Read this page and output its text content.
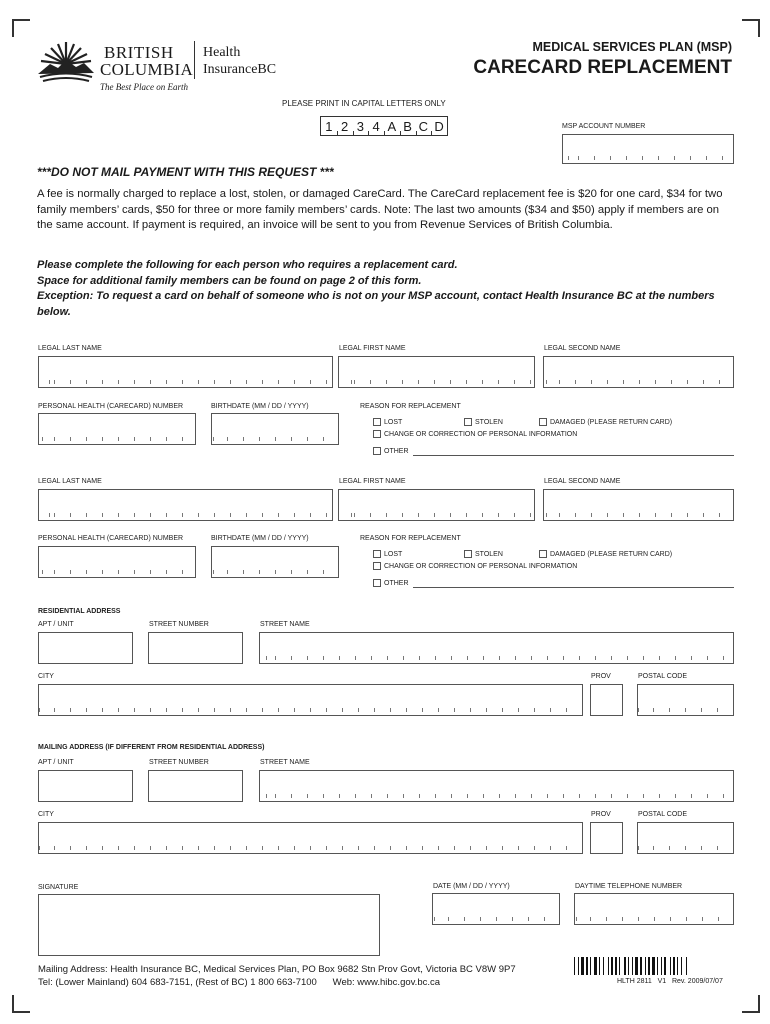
BRITISH
COLUMBIA
Health
InsuranceBC
The Best Place on Earth
MEDICAL SERVICES PLAN (MSP)
CARECARD REPLACEMENT
PLEASE PRINT IN CAPITAL LETTERS ONLY
1 2 3 4 A B C D	MSP ACCOUNT NUMBER
***DO NOT MAIL PAYMENT WITH THIS REQUEST ***
A fee is normally charged to replace a lost, stolen, or damaged CareCard. The CareCard replacement fee is $20 for one card, $34 for two family members’ cards, $50 for three or more family members’ cards. Note: The last two amounts ($34 and $50) apply if members are on the same account. If payment is required, an invoice will be sent to you from Revenue Services of British Columbia.
Please complete the following for each person who requires a replacement card.
Space for additional family members can be found on page 2 of this form.
Exception: To request a card on behalf of someone who is not on your MSP account, contact Health Insurance BC at the numbers below.
LEGAL LAST NAME	LEGAL FIRST NAME	LEGAL SECOND NAME
PERSONAL HEALTH (CARECARD) NUMBER	BIRTHDATE (MM / DD / YYYY)	REASON FOR REPLACEMENT
LOST	STOLEN	DAMAGED (PLEASE RETURN CARD)
CHANGE OR CORRECTION OF PERSONAL INFORMATION
OTHER
LEGAL LAST NAME	LEGAL FIRST NAME	LEGAL SECOND NAME
PERSONAL HEALTH (CARECARD) NUMBER	BIRTHDATE (MM / DD / YYYY)	REASON FOR REPLACEMENT
LOST	STOLEN	DAMAGED (PLEASE RETURN CARD)
CHANGE OR CORRECTION OF PERSONAL INFORMATION
OTHER
RESIDENTIAL ADDRESS
APT / UNIT	STREET NUMBER	STREET NAME
CITY	PROV	POSTAL CODE
MAILING ADDRESS (IF DIFFERENT FROM RESIDENTIAL ADDRESS)
APT / UNIT	STREET NUMBER	STREET NAME
CITY	PROV	POSTAL CODE
SIGNATURE	DATE (MM / DD / YYYY)	DAYTIME TELEPHONE NUMBER
Mailing Address: Health Insurance BC, Medical Services Plan, PO Box 9682 Stn Prov Govt, Victoria BC V8W 9P7
Tel: (Lower Mainland) 604 683-7151, (Rest of BC) 1 800 663-7100      Web: www.hibc.gov.bc.ca	HLTH 2811   V1   Rev. 2009/07/07
